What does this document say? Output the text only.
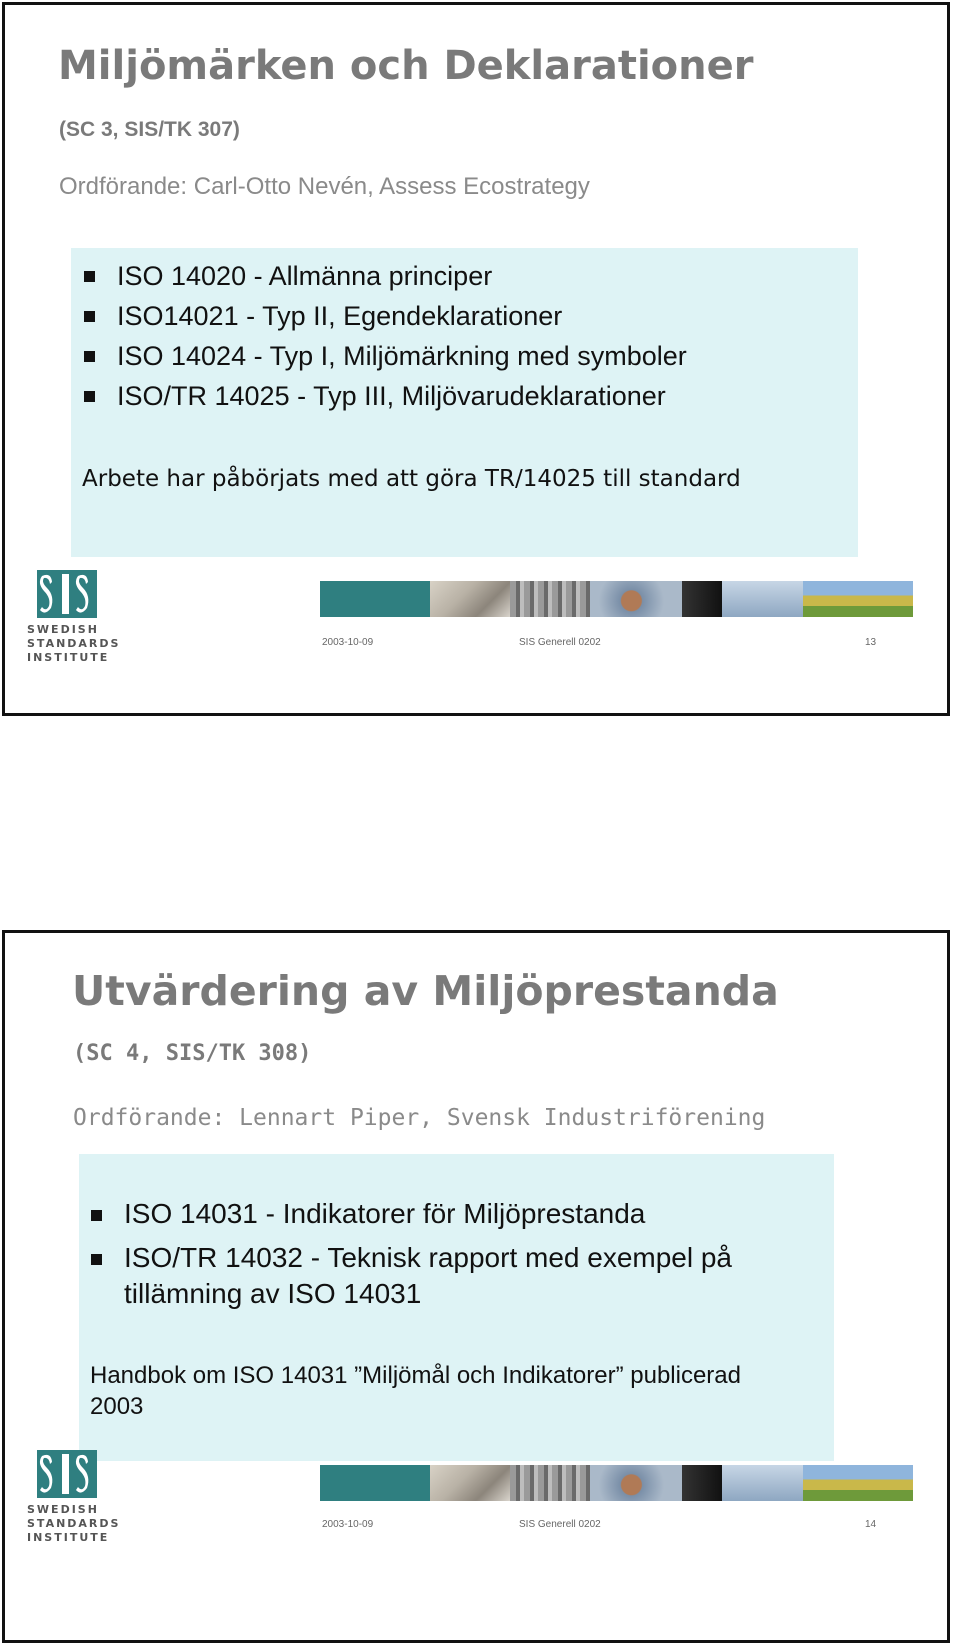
Miljömärken och Deklarationer
(SC 3, SIS/TK 307)
Ordförande: Carl-Otto Nevén, Assess Ecostrategy
ISO 14020 - Allmänna principer
ISO14021 - Typ II, Egendeklarationer
ISO 14024 - Typ I, Miljömärkning med symboler
ISO/TR 14025 - Typ III, Miljövarudeklarationer
Arbete har påbörjats med att göra TR/14025 till standard
SWEDISH
STANDARDS
INSTITUTE
2003-10-09	SIS Generell 0202	13
Utvärdering av Miljöprestanda
(SC 4, SIS/TK 308)
Ordförande: Lennart Piper, Svensk Industriförening
ISO 14031 - Indikatorer för Miljöprestanda
ISO/TR 14032 - Teknisk rapport med exempel på tillämning av ISO 14031
Handbok om ISO 14031 ”Miljömål och Indikatorer” publicerad 2003
SWEDISH
STANDARDS
INSTITUTE
2003-10-09	SIS Generell 0202	14
